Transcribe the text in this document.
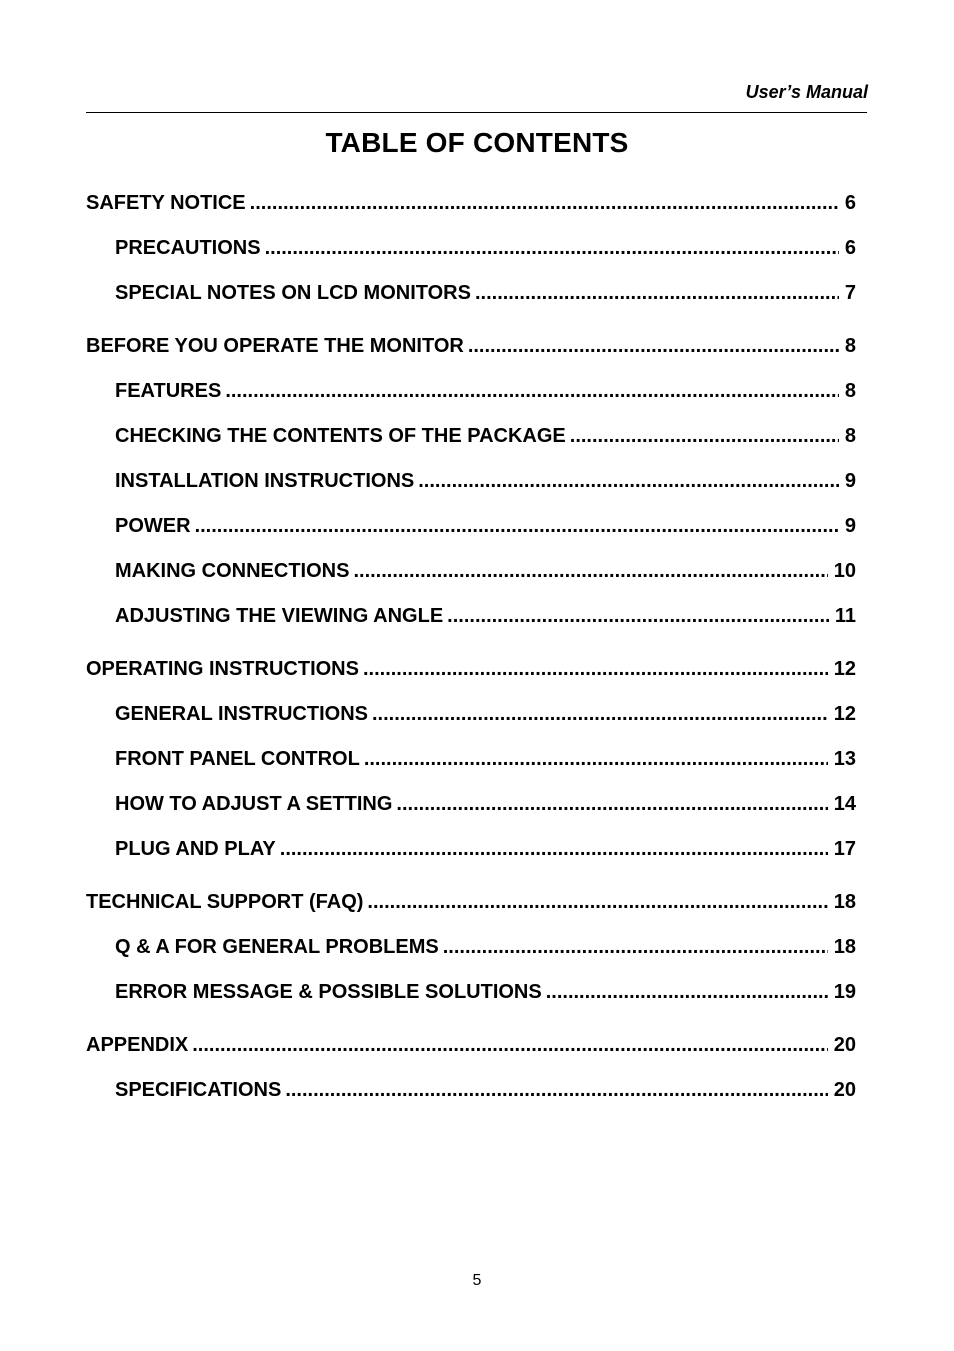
User’s Manual
TABLE OF CONTENTS
SAFETY NOTICE .....	6
PRECAUTIONS .....	6
SPECIAL NOTES ON LCD MONITORS .....	7
BEFORE YOU OPERATE THE MONITOR .....	8
FEATURES .....	8
CHECKING THE CONTENTS OF THE PACKAGE .....	8
INSTALLATION INSTRUCTIONS .....	9
POWER .....	9
MAKING CONNECTIONS .....	10
ADJUSTING THE VIEWING ANGLE .....	11
OPERATING INSTRUCTIONS .....	12
GENERAL INSTRUCTIONS .....	12
FRONT PANEL CONTROL .....	13
HOW TO ADJUST A SETTING .....	14
PLUG AND PLAY .....	17
TECHNICAL SUPPORT (FAQ) .....	18
Q & A FOR GENERAL PROBLEMS .....	18
ERROR MESSAGE & POSSIBLE SOLUTIONS .....	19
APPENDIX .....	20
SPECIFICATIONS .....	20
5
